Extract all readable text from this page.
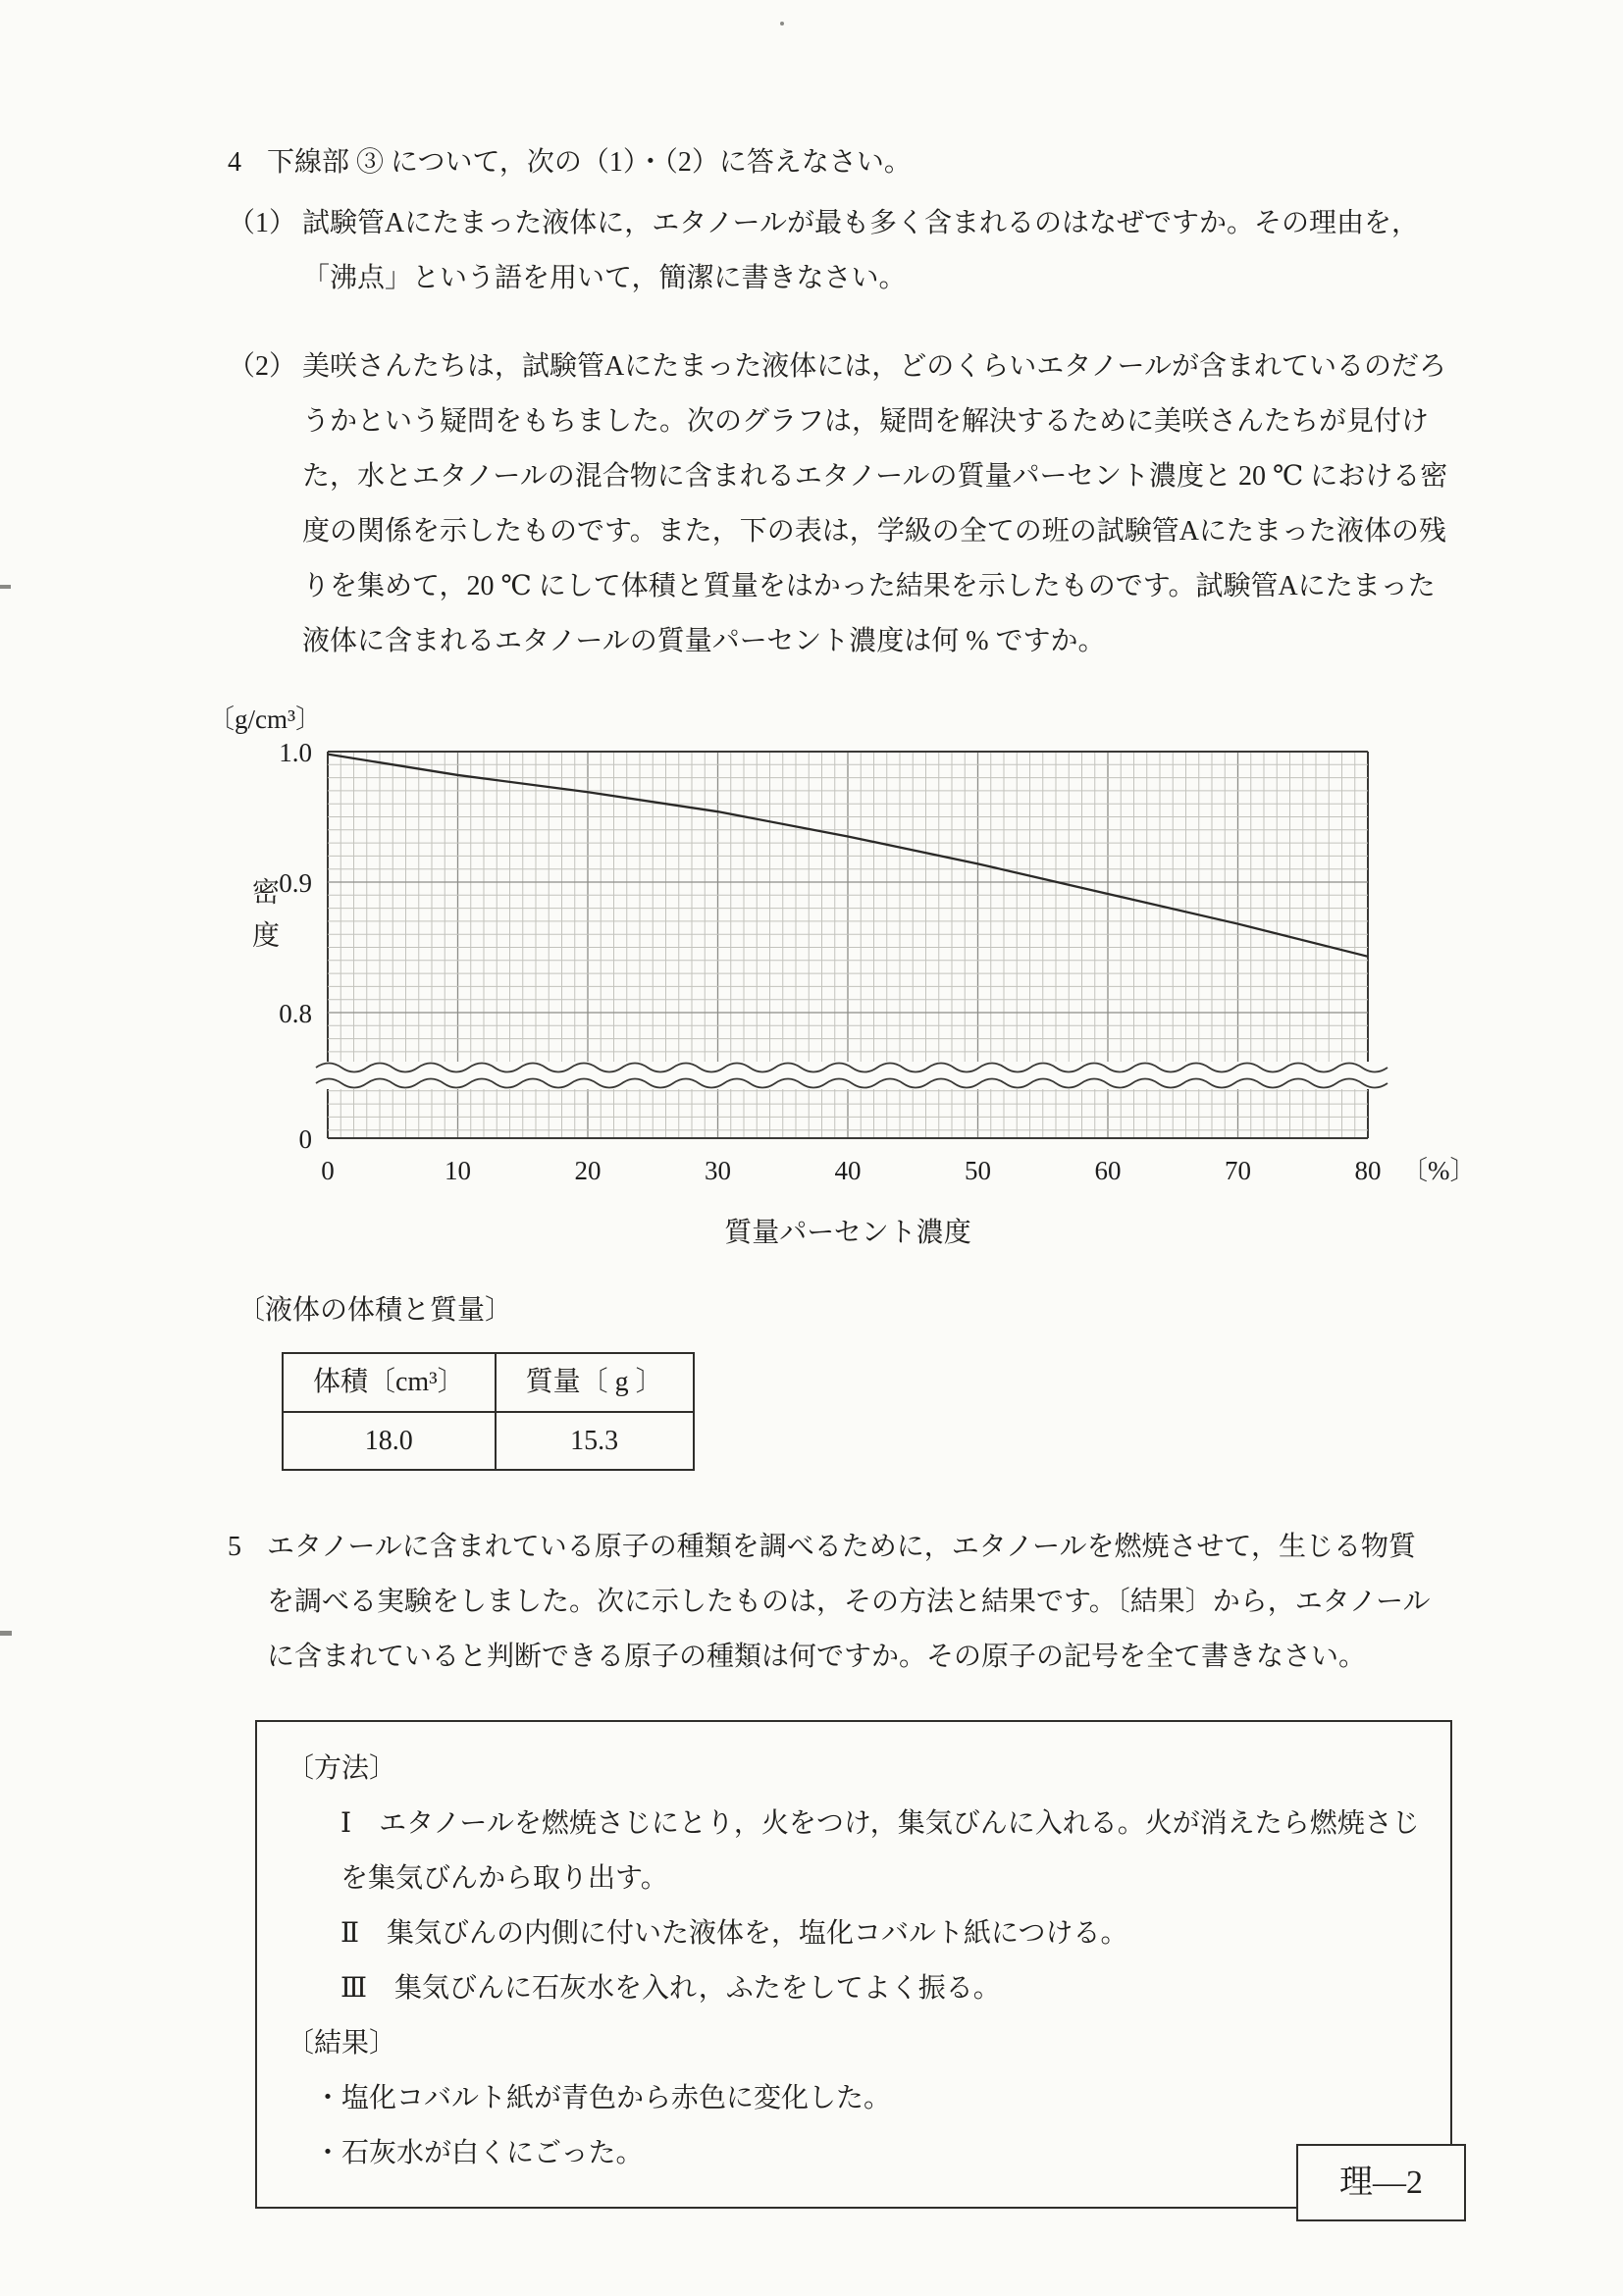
4 下線部 ③ について，次の（1）・（2）に答えなさい。
（1） 試験管Aにたまった液体に，エタノールが最も多く含まれるのはなぜですか。その理由を，「沸点」という語を用いて，簡潔に書きなさい。
（2） 美咲さんたちは，試験管Aにたまった液体には，どのくらいエタノールが含まれているのだろうかという疑問をもちました。次のグラフは，疑問を解決するために美咲さんたちが見付けた，水とエタノールの混合物に含まれるエタノールの質量パーセント濃度と 20 ℃ における密度の関係を示したものです。また，下の表は，学級の全ての班の試験管Aにたまった液体の残りを集めて，20 ℃ にして体積と質量をはかった結果を示したものです。試験管Aにたまった液体に含まれるエタノールの質量パーセント濃度は何 % ですか。
密度
1.0
0.9
0.8
0
0	10	20	30	40	50	60	70	80 〔%〕
〔g/cm³〕
質量パーセント濃度
〔液体の体積と質量〕
体積〔cm³〕	質量〔 g 〕
18.0	15.3
5 エタノールに含まれている原子の種類を調べるために，エタノールを燃焼させて，生じる物質を調べる実験をしました。次に示したものは，その方法と結果です。〔結果〕から，エタノールに含まれていると判断できる原子の種類は何ですか。その原子の記号を全て書きなさい。
〔方法〕
Ⅰ エタノールを燃焼さじにとり，火をつけ，集気びんに入れる。火が消えたら燃焼さじを集気びんから取り出す。
Ⅱ 集気びんの内側に付いた液体を，塩化コバルト紙につける。
Ⅲ 集気びんに石灰水を入れ，ふたをしてよく振る。
〔結果〕
・塩化コバルト紙が青色から赤色に変化した。
・石灰水が白くにごった。
理—2
